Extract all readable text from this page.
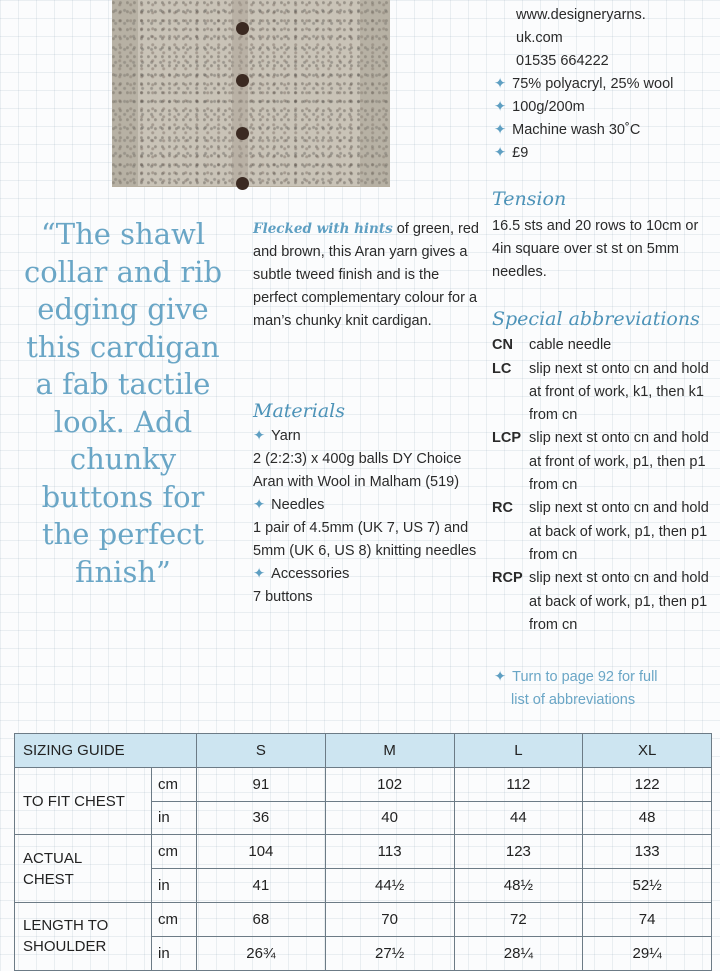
www.designeryarns.
uk.com
01535 664222
✦ 75% polyacryl, 25% wool
✦ 100g/200m
✦ Machine wash 30˚C
✦ £9
“The shawl collar and rib edging give this cardigan a fab tactile look. Add chunky buttons for the perfect finish”
Flecked with hints of green, red and brown, this Aran yarn gives a subtle tweed finish and is the perfect complementary colour for a man’s chunky knit cardigan.
Materials
✦ Yarn
2 (2:2:3) x 400g balls DY Choice Aran with Wool in Malham (519)
✦ Needles
1 pair of 4.5mm (UK 7, US 7) and 5mm (UK 6, US 8) knitting needles
✦ Accessories
7 buttons
Tension
16.5 sts and 20 rows to 10cm or 4in square over st st on 5mm needles.
Special abbreviations
CN	cable needle
LC	slip next st onto cn and hold at front of work, k1, then k1 from cn
LCP slip next st onto cn and hold at front of work, p1, then p1 from cn
RC	slip next st onto cn and hold at back of work, p1, then p1 from cn
RCP slip next st onto cn and hold at back of work, p1, then p1 from cn
✦ Turn to page 92 for full
list of abbreviations
SIZING GUIDE		S	M	L	XL
TO FIT CHEST	cm	91	102	112	122
	in	36	40	44	48
ACTUAL
CHEST	cm	104	113	123	133
	in	41	44½	48½	52½
LENGTH TO
SHOULDER	cm	68	70	72	74
	in	26¾	27½	28¼	29¼
